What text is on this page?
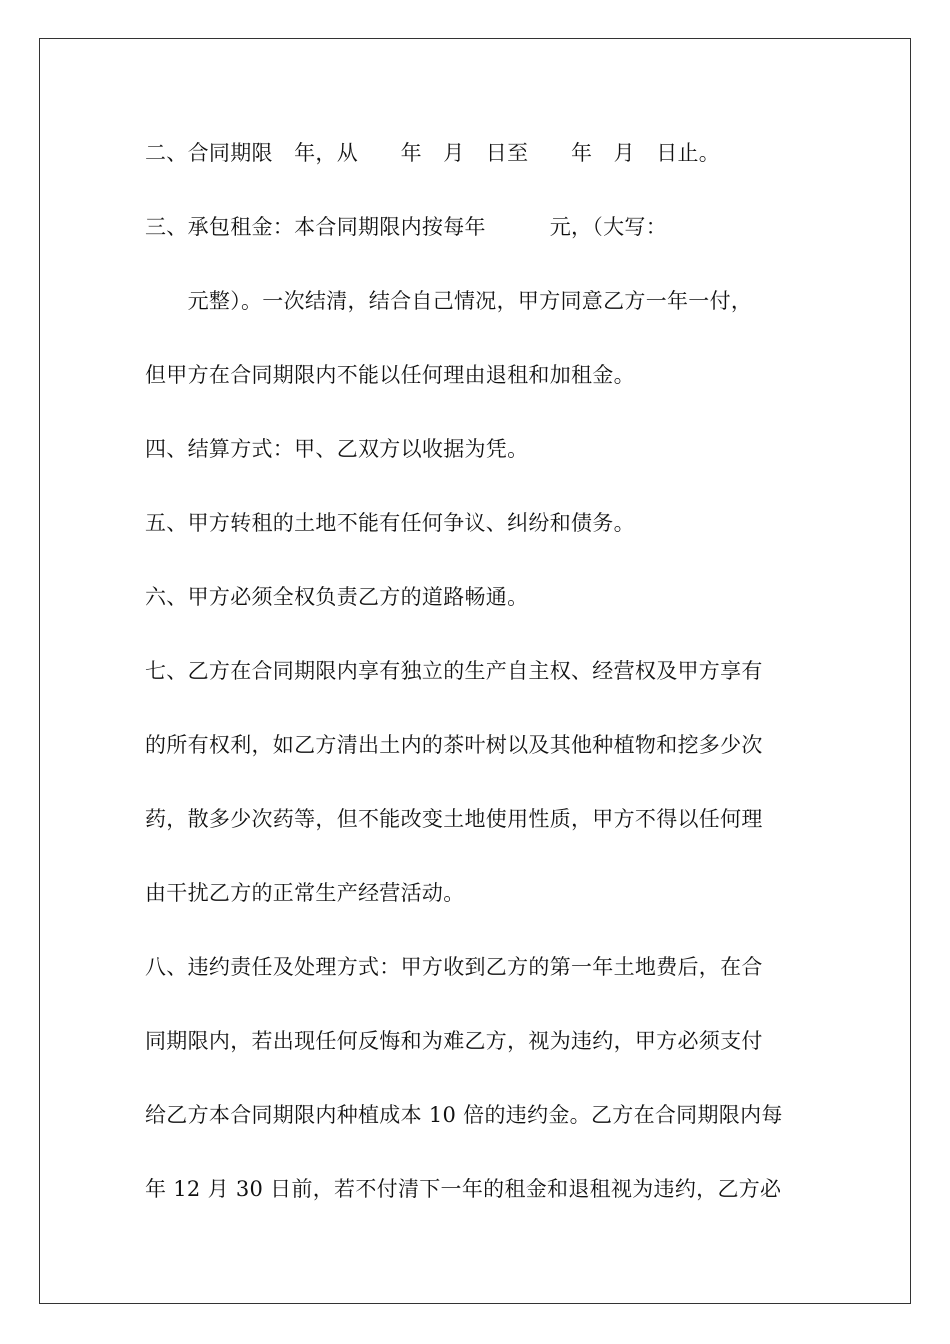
二、合同期限　年，从　　年　月　日至　　年　月　日止。
三、承包租金：本合同期限内按每年　　　元，（大写：
　　元整）。一次结清，结合自己情况，甲方同意乙方一年一付，
但甲方在合同期限内不能以任何理由退租和加租金。
四、结算方式：甲、乙双方以收据为凭。
五、甲方转租的土地不能有任何争议、纠纷和债务。
六、甲方必须全权负责乙方的道路畅通。
七、乙方在合同期限内享有独立的生产自主权、经营权及甲方享有
的所有权利，如乙方清出土内的茶叶树以及其他种植物和挖多少次
药，散多少次药等，但不能改变土地使用性质，甲方不得以任何理
由干扰乙方的正常生产经营活动。
八、违约责任及处理方式：甲方收到乙方的第一年土地费后，在合
同期限内，若出现任何反悔和为难乙方，视为违约，甲方必须支付
给乙方本合同期限内种植成本 10 倍的违约金。乙方在合同期限内每
年 12 月 30 日前，若不付清下一年的租金和退租视为违约，乙方必
